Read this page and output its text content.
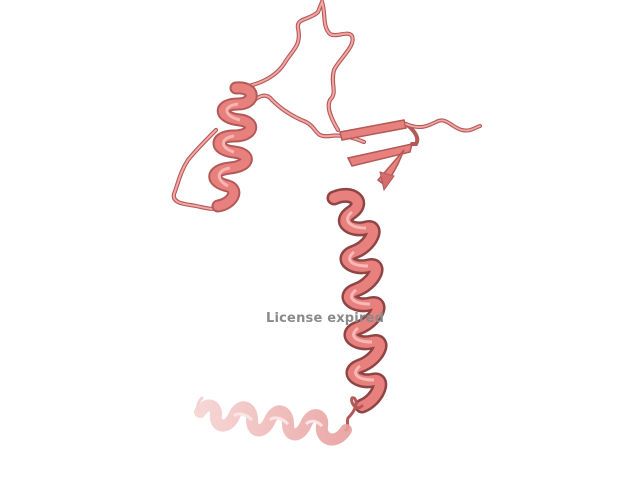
License expired
